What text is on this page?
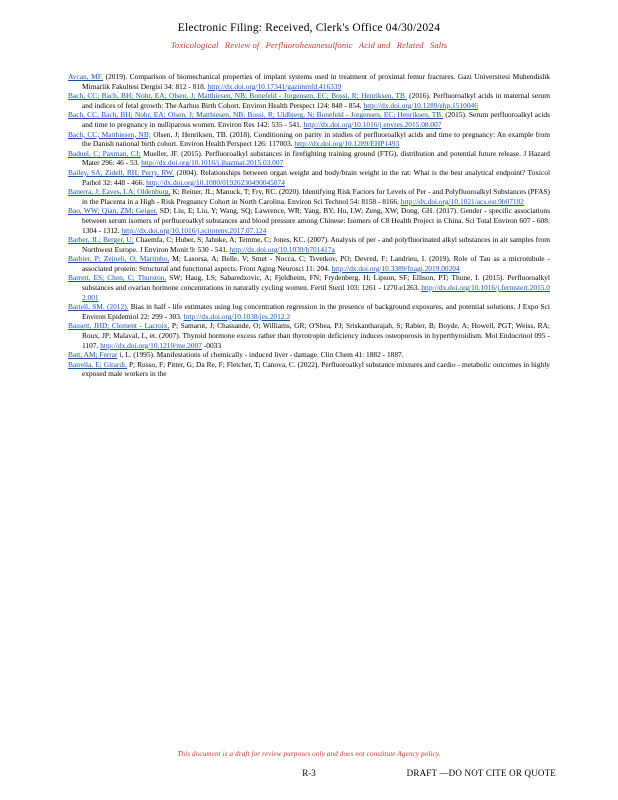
Electronic Filing: Received, Clerk's Office 04/30/2024
Toxicological Review of Perfluorohexanesulfonic Acid and Related Salts
Avcan, MF. (2019). Comparison of biomechanical properties of implant systems used in treatment of proximal femur fractures. Gazi Universitesi Muhendislik Mimarlik Fakultesi Dergisi 34: 812 - 818. http://dx.doi.org/10.17341/gazimmfd.416339
Bach, CC; Bach, BH; Nohr, EA; Olsen, J; Matthiesen, NB; Bonefeld - Jorgensen, EC; Bossi, R; Henriksen, TB. (2016). Perfluoroalkyl acids in maternal serum and indices of fetal growth: The Aarhus Birth Cohort. Environ Health Perspect 124: 848 - 854. http://dx.doi.org/10.1289/ehp.1510046
Bach, CC; Bach, BH; Nohr, EA; Olsen, J; Matthiesen, NB; Bossi, R; Uldbjerg, N; Bonefeld - Jorgensen, EC; Henriksen, TB. (2015). Serum perfluoroalkyl acids and time to pregnancy in nulliparous women. Environ Res 142: 535 - 541. http://dx.doi.org/10.1016/j.envres.2015.08.007
Bach, CC; Matthiesen, NB; Olsen, J; Henriksen, TB. (2018). Conditioning on parity in studies of perfluoroalkyl acids and time to pregnancy: An example from the Danish national birth cohort. Environ Health Perspect 126: 117003. http://dx.doi.org/10.1289/EHP1493
Baduel, C; Paxman, CJ; Mueller, JF. (2015). Perfluoroalkyl substances in firefighting training ground (FTG), distribution and potential future release. J Hazard Mater 296: 46 - 53. http://dx.doi.org/10.1016/j.jhazmat.2015.03.007
Bailey, SA; Zidell, RH; Perry, RW. (2004). Relationships between organ weight and body/brain weight in the rat: What is the best analytical endpoint? Toxicol Pathol 32: 448 - 466. http://dx.doi.org/10.1080/01926230490045874
Banerra, J; Eaves, LA; Oldenburg, K; Reiner, JL; Manuck, T; Fry, RC. (2020). Identifying Risk Factors for Levels of Per - and Polyfluoroalkyl Substances (PFAS) in the Placenta in a High - Risk Pregnancy Cohort in North Carolina. Environ Sci Technol 54: 8158 - 8166. http://dx.doi.org/10.1021/acs.est.9b07102
Bao, WW; Qian, ZM; Geiger, SD; Liu, E; Liu, Y; Wang, SQ; Lawrence, WR; Yang, BY; Hu, LW; Zeng, XW; Dong, GH. (2017). Gender - specific associations between serum isomers of perfluoroalkyl substances and blood pressure among Chinese: Isomers of C8 Health Project in China. Sci Total Environ 607 - 608: 1304 - 1312. http://dx.doi.org/10.1016/j.scitotenv.2017.07.124
Barber, JL; Berger, U; Chaemfa, C; Huber, S; Jahnke, A; Temme, C; Jones, KC. (2007). Analysis of per - and polyfluorinated alkyl substances in air samples from Northwest Europe. J Environ Monit 9: 530 - 541. http://dx.doi.org/10.1039/b701417a
Barbier, P; Zejneli, O; Martinho, M; Lasorsa, A; Belle, V; Smet - Nocca, C; Tsvetkov, PO; Devred, F; Landrieu, I. (2019). Role of Tau as a microtubule - associated protein: Structural and functional aspects. Front Aging Neurosci 11: 204. http://dx.doi.org/10.3389/fnagi.2019.00204
Barrett, ES; Chen, C; Thurston, SW; Haug, LS; Sabaredzovic, A; Fjeldheim, FN; Frydenberg, H; Lipson, SF; Ellison, PT; Thune, I. (2015). Perfluoroalkyl substances and ovarian hormone concentrations in naturally cycling women. Fertil Steril 103: 1261 - 1270.e1263. http://dx.doi.org/10.1016/j.fertnstert.2015.02.001
Bartell, SM. (2012). Bias in half - life estimates using log concentration regression in the presence of background exposures, and potential solutions. J Expo Sci Environ Epidemiol 22: 299 - 303. http://dx.doi.org/10.1038/jes.2012.2
Bassett, JHD; Clement - Lacroix, P; Samarut, J; Chassande, O; Williams, GR; O'Shea, PJ; Sriskantharajah, S; Rabier, B; Boyde, A; Howell, PGT; Weiss, RA; Roux, JP; Malaval, L, et. (2007). Thyroid hormone excess rather than thyrotropin deficiency induces osteoporosis in hyperthyroidism. Mol Endocrinol 095 - 1107. http://dx.doi.org/10.1210/me.2007 -0033
Batt, AM; Ferrar i, L. (1995). Manifestations of chemically - induced liver - damage. Clin Chem 41: 1882 - 1887.
Batrella, E; Girardi, P; Russo, F; Pitter, G; Da Re, F; Fletcher, T; Canova, C. (2022). Perfluoroalkyl substance mixtures and cardio - metabolic outcomes in highly exposed male workers in the
This document is a draft for review purposes only and does not constitute Agency policy.
R-3	DRAFT —DO NOT CITE OR QUOTE
